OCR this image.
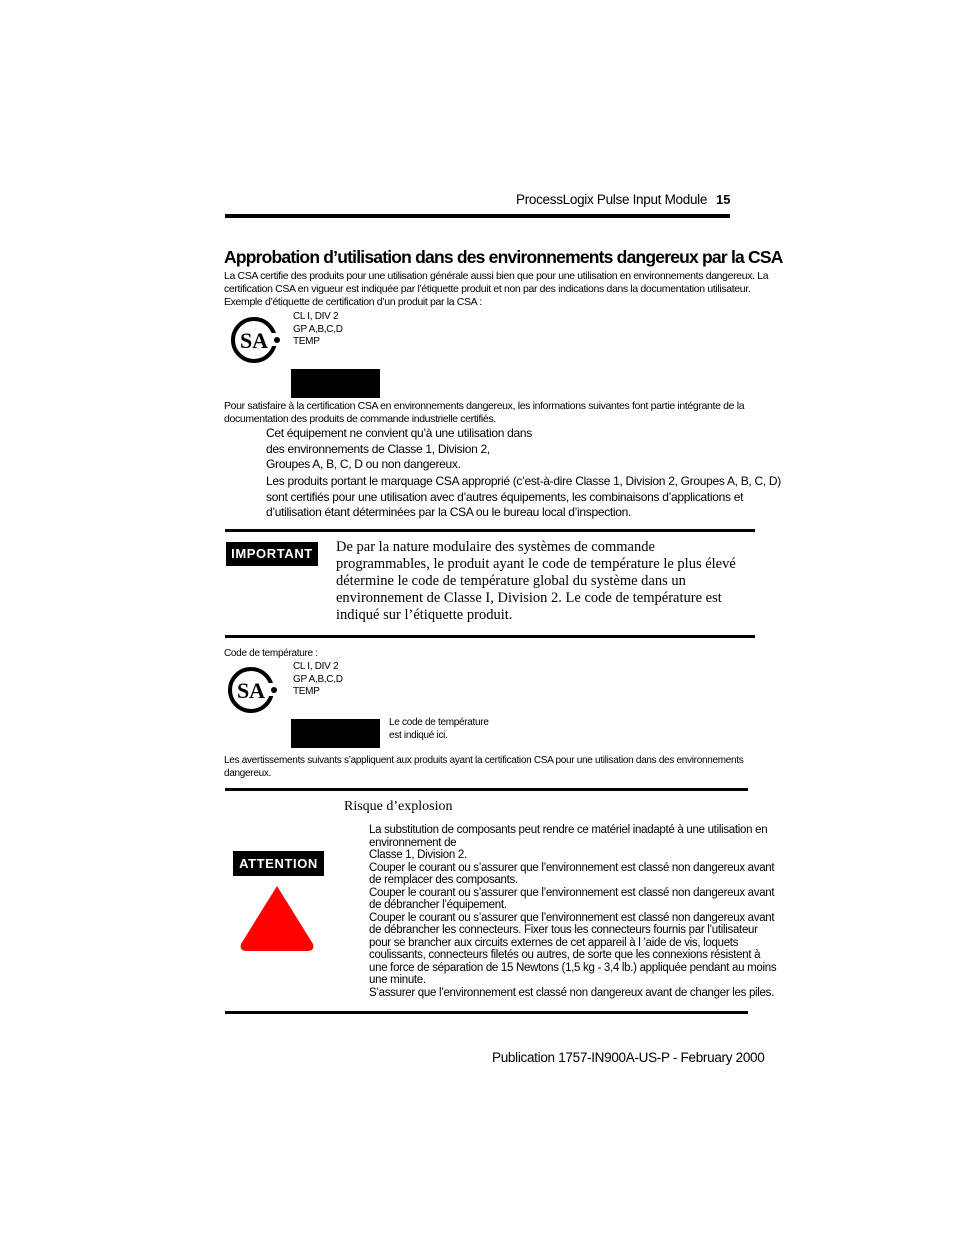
ProcessLogix Pulse Input Module 15
Approbation d’utilisation dans des environnements dangereux par la CSA
La CSA certifie des produits pour une utilisation générale aussi bien que pour une utilisation en environnements dangereux. La
certification CSA en vigueur est indiquée par l’étiquette produit et non par des indications dans la documentation utilisateur.
Exemple d’étiquette de certification d’un produit par la CSA :
SA
CL I, DIV 2
GP A,B,C,D
TEMP
Pour satisfaire à la certification CSA en environnements dangereux, les informations suivantes font partie intégrante de la
documentation des produits de commande industrielle certifiés.
Cet équipement ne convient qu’à une utilisation dans
des environnements de Classe 1, Division 2,
Groupes A, B, C, D ou non dangereux.
Les produits portant le marquage CSA approprié (c’est-à-dire Classe 1, Division 2, Groupes A, B, C, D)
sont certifiés pour une utilisation avec d’autres équipements, les combinaisons d’applications et
d’utilisation étant déterminées par la CSA ou le bureau local d’inspection.
IMPORTANT	De par la nature modulaire des systèmes de commande
programmables, le produit ayant le code de température le plus élevé
détermine le code de température global du système dans un
environnement de Classe I, Division 2. Le code de température est
indiqué sur l’étiquette produit.
Code de température :
SA
CL I, DIV 2
GP A,B,C,D
TEMP
Le code de température
est indiqué ici.
Les avertissements suivants s’appliquent aux produits ayant la certification CSA pour une utilisation dans des environnements
dangereux.
Risque d’explosion
ATTENTION
La substitution de composants peut rendre ce matériel inadapté à une utilisation en
environnement de
Classe 1, Division 2.
Couper le courant ou s’assurer que l’environnement est classé non dangereux avant
de remplacer des composants.
Couper le courant ou s’assurer que l’environnement est classé non dangereux avant
de débrancher l’équipement.
Couper le courant ou s’assurer que l’environnement est classé non dangereux avant
de débrancher les connecteurs. Fixer tous les connecteurs fournis par l’utilisateur
pour se brancher aux circuits externes de cet appareil à l ’aide de vis, loquets
coulissants, connecteurs filetés ou autres, de sorte que les connexions résistent à
une force de séparation de 15 Newtons (1,5 kg - 3,4 lb.) appliquée pendant au moins
une minute.
S’assurer que l’environnement est classé non dangereux avant de changer les piles.
Publication 1757-IN900A-US-P - February 2000
